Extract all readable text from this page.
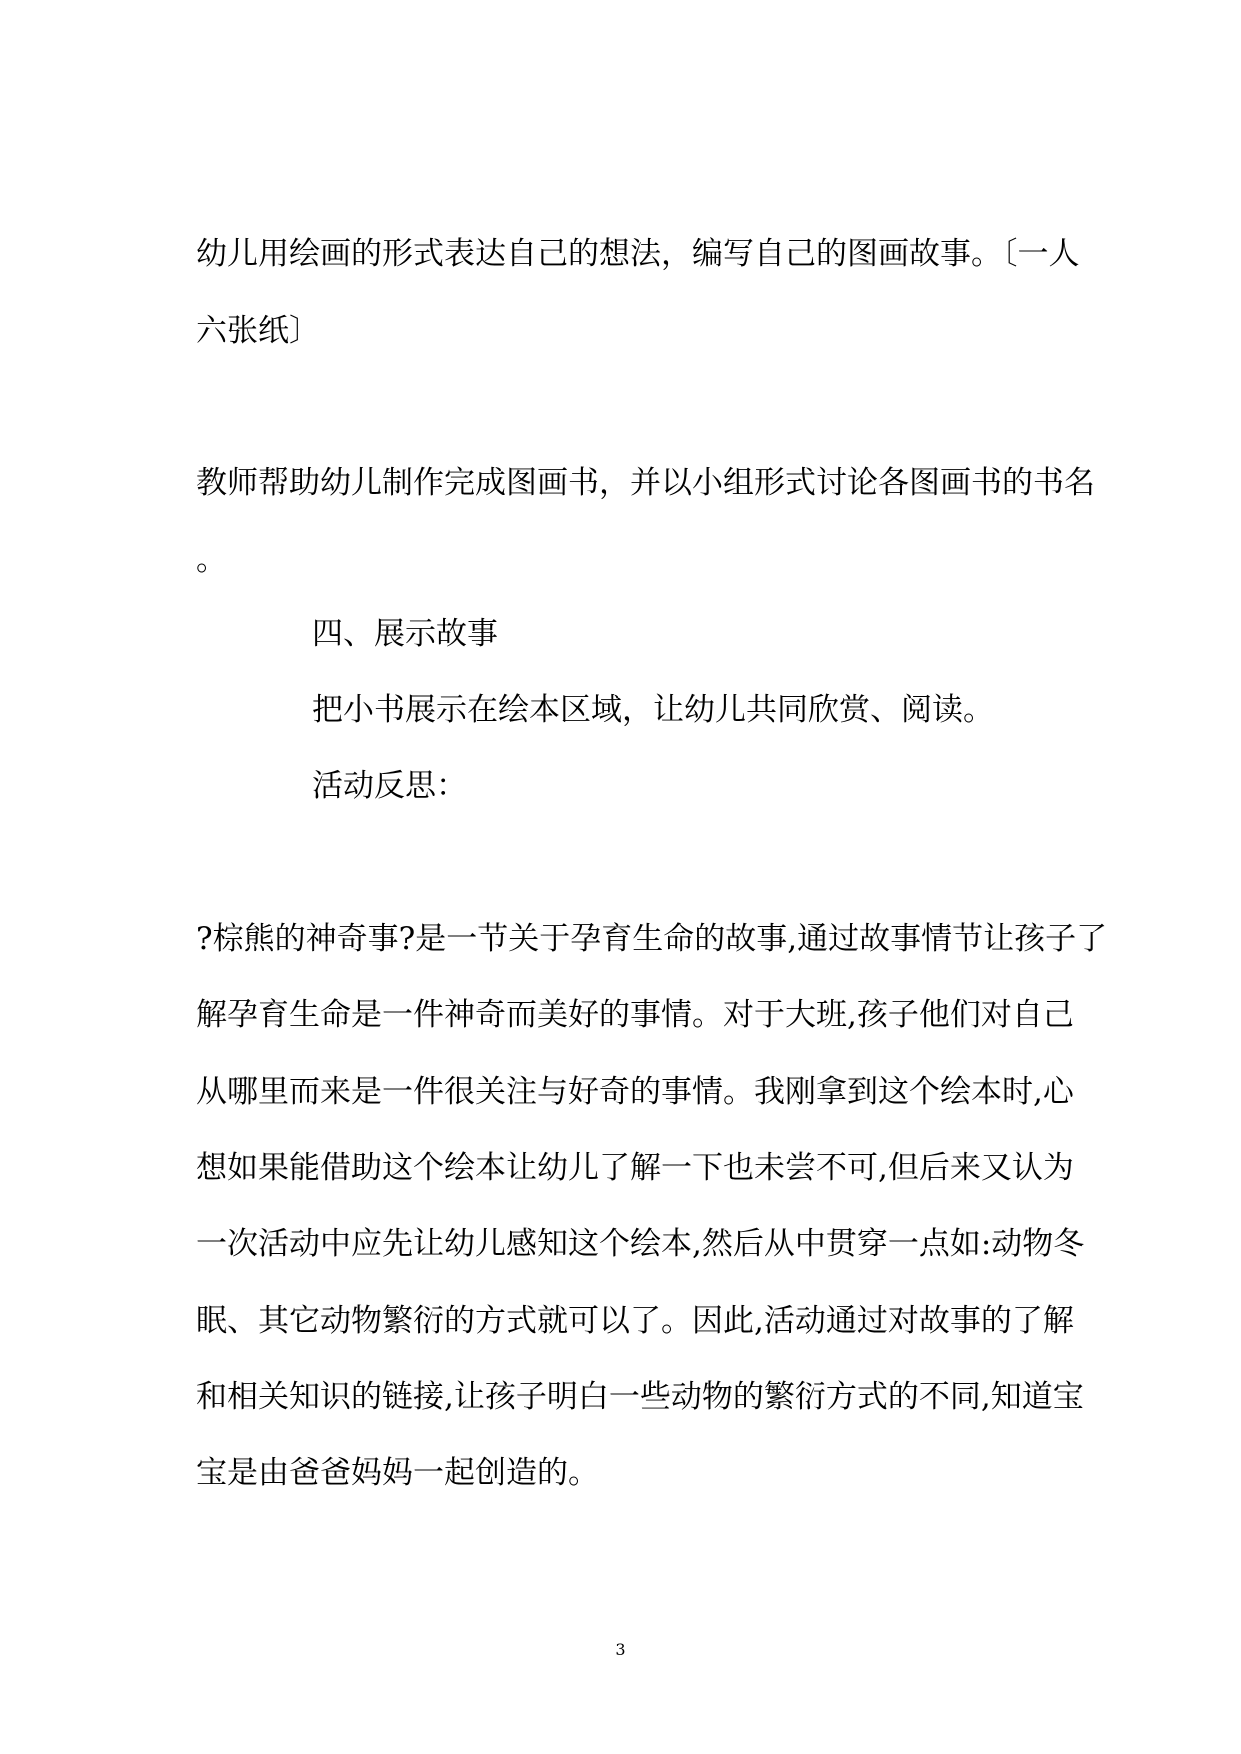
幼儿用绘画的形式表达自己的想法，编写自己的图画故事。〔一人
六张纸〕
教师帮助幼儿制作完成图画书，并以小组形式讨论各图画书的书名
。
四、展示故事
把小书展示在绘本区域，让幼儿共同欣赏、阅读。
活动反思：
?棕熊的神奇事?是一节关于孕育生命的故事,通过故事情节让孩子了
解孕育生命是一件神奇而美好的事情。对于大班,孩子他们对自己
从哪里而来是一件很关注与好奇的事情。我刚拿到这个绘本时,心
想如果能借助这个绘本让幼儿了解一下也未尝不可,但后来又认为
一次活动中应先让幼儿感知这个绘本,然后从中贯穿一点如:动物冬
眠、其它动物繁衍的方式就可以了。因此,活动通过对故事的了解
和相关知识的链接,让孩子明白一些动物的繁衍方式的不同,知道宝
宝是由爸爸妈妈一起创造的。
3
